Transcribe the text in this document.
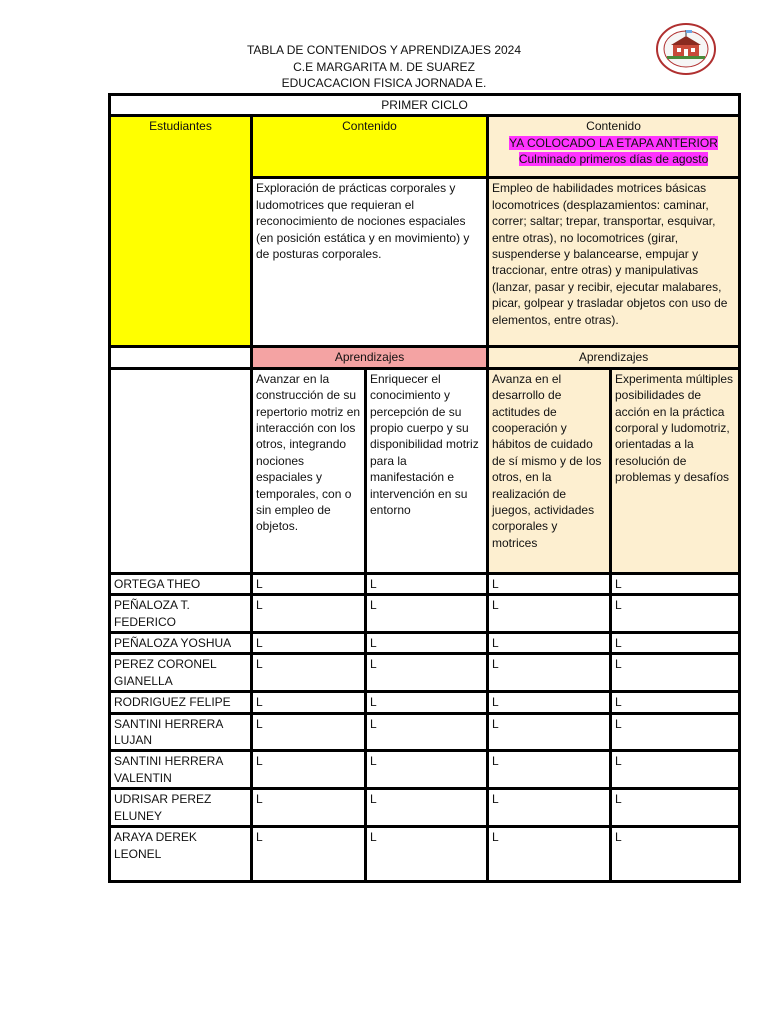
TABLA DE CONTENIDOS Y APRENDIZAJES 2024
C.E MARGARITA M. DE SUAREZ
EDUCACACION FISICA JORNADA E.
PRIMER CICLO				
Estudiantes	Contenido		Contenido
YA COLOCADO LA ETAPA ANTERIOR
Culminado primeros días de agosto	
	Exploración de prácticas corporales y ludomotrices que requieran el reconocimiento de nociones espaciales (en posición estática y en movimiento) y de posturas corporales.		Empleo de habilidades motrices básicas locomotrices (desplazamientos: caminar, correr; saltar; trepar, transportar, esquivar, entre otras), no locomotrices (girar, suspenderse y balancearse, empujar y traccionar, entre otras) y manipulativas (lanzar, pasar y recibir, ejecutar malabares, picar, golpear y trasladar objetos con uso de elementos, entre otras).	
	Aprendizajes		Aprendizajes	
	Avanzar en la construcción de su repertorio motriz en interacción con los otros, integrando nociones espaciales y temporales, con o sin empleo de objetos.	Enriquecer el conocimiento y percepción de su propio cuerpo y su disponibilidad motriz para la manifestación e intervención en su entorno	Avanza en el desarrollo de actitudes de cooperación y hábitos de cuidado de sí mismo y de los otros, en la realización de juegos, actividades corporales y motrices	Experimenta múltiples posibilidades de acción en la práctica corporal y ludomotriz, orientadas a la resolución de problemas y desafíos
ORTEGA THEO	L	L	L	L
PEÑALOZA T. FEDERICO	L	L	L	L
PEÑALOZA YOSHUA	L	L	L	L
PEREZ CORONEL GIANELLA	L	L	L	L
RODRIGUEZ FELIPE	L	L	L	L
SANTINI HERRERA LUJAN	L	L	L	L
SANTINI HERRERA VALENTIN	L	L	L	L
UDRISAR PEREZ ELUNEY	L	L	L	L
ARAYA DEREK LEONEL	L	L	L	L
